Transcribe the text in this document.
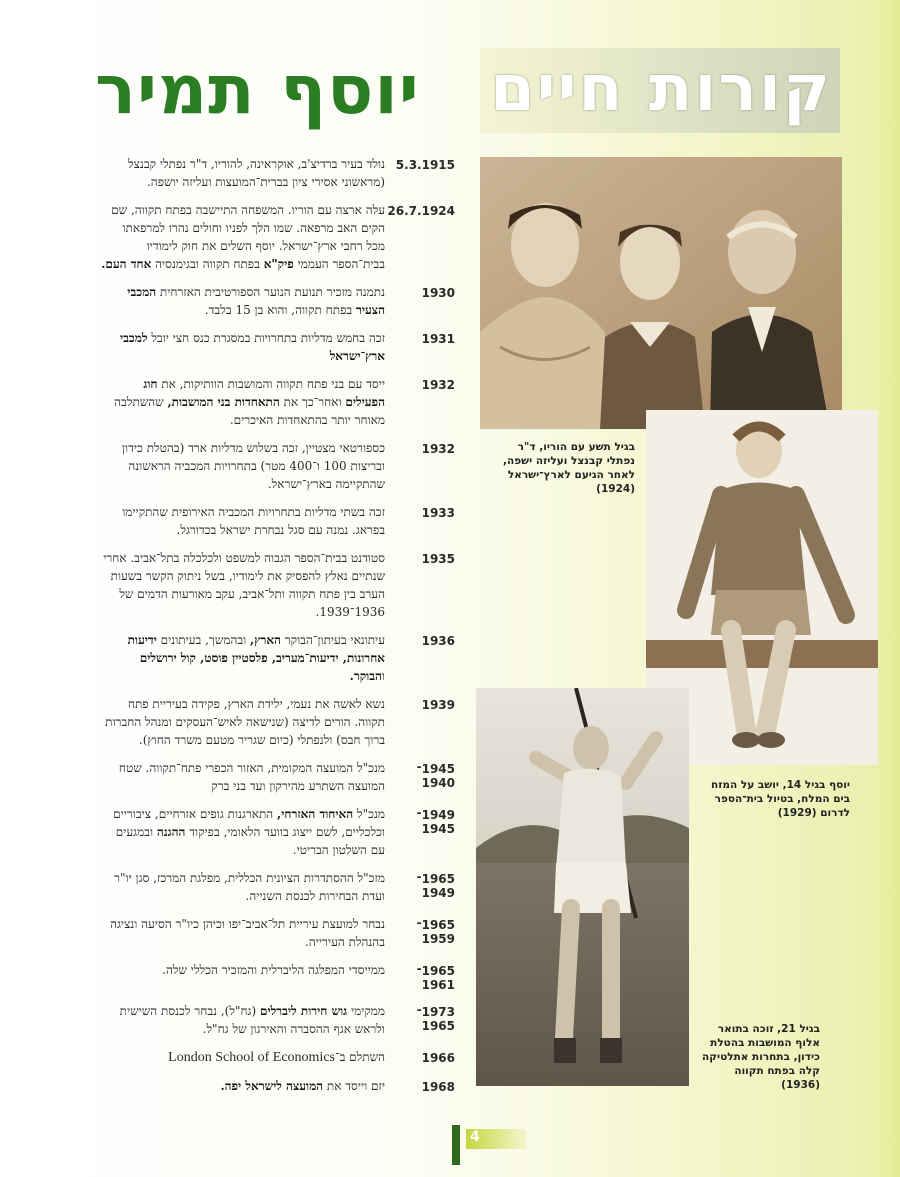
קורות חיים
יוסף תמיר
5.3.1915
נולד בעיר ברדיצ'ב, אוקראינה, להוריו, ד"ר נפתלי קבנצל (מראשוני אסירי ציון בברית־המועצות ועליזה יושפה.
26.7.1924
עלה ארצה עם הוריו. המשפחה התיישבה בפתח תקווה, שם הקים האב מרפאה. שמו הלך לפניו וחולים נהרו למרפאתו מכל רחבי ארץ־ישראל. יוסף השלים את חוק לימודיו בבית־הספר העממי פיק"א בפתח תקווה ובגימנסיה אחד העם.
1930
נתמנה מזכיר תנועת הנוער הספורטיבית האזרחית המכבי הצעיר בפתח תקווה, והוא בן 15 בלבד.
1931
זכה בחמש מדליות בתחרויות במסגרת כנס חצי יובל למכבי ארץ־ישראל
1932
ייסד עם בני פתח תקווה והמושבות הוותיקות, את חוג הפעילים ואחר־כך את התאחדות בני המושבות, שהשתלבה מאוחר יותר בהתאחדות האיכרים.
1932
כספורטאי מצטיין, זכה בשלוש מדליות ארד (בהטלת כידון ובריצות 100 ו־400 מטר) בתחרויות המכביה הראשונה שהתקיימה בארץ־ישראל.
1933
זכה בשתי מדליות בתחרויות המכביה האירופית שהתקיימו בפראג. נמנה עם סגל נבחרת ישראל בכדורגל.
1935
סטודנט בבית־הספר הגבוה למשפט ולכלכלה בתל־אביב. אחרי שנתיים נאלץ להפסיק את לימודיו, בשל ניתוק הקשר בשעות הערב בין פתח תקווה ותל־אביב, עקב מאורעות הדמים של 1936־1939.
1936
עיתונאי בעיתון־הבוקר הארץ, ובהמשך, בעיתונים ידיעות אחרונות, ידיעות־מעריב, פלסטיין פוסט, קול ירושלים והבוקר.
1939
נשא לאשה את נעמי, ילידת הארץ, פקידה בעיריית פתח תקווה. הורים לדיצה (שנישאה לאיש־העסקים ומנהל החברות ברוך חבס) ולנפתלי (כיום שגריר מטעם משרד החוץ).
1945־1940
מנכ"ל המועצה המקומית, האזור הכפרי פתח־תקווה. שטח המועצה השתרע מהירקון ועד בני ברק
1949־1945
מנכ"ל האיחוד האזרחי, התארגנות גופים אזרחיים, ציבוריים וכלכליים, לשם ייצוג בוועד הלאומי, בפיקוד ההגנה ובמגעים עם השלטון הבריטי.
1965־1949
מזכ"ל ההסתדרות הציונית הכללית, מפלגת המרכז, סגן יו"ר ועדת הבחירות לכנסת השנייה.
1965־1959
נבחר למועצת עיריית תל־אביב־יפו וכיהן כיו"ר הסיעה ונציגה בהנהלת העירייה.
1965־1961
ממייסדי המפלגה הליברלית והמזכיר הכללי שלה.
1973־1965
ממקימי גוש חירות ליברלים (גח"ל), נבחר לכנסת השישית ולראש אגף ההסברה והאירגון של גח"ל.
1966
השתלם ב־London School of Economics
1968
יזם וייסד את המועצה לישראל יפה.
בגיל תשע עם הוריו, ד"ר נפתלי קבנצל ועליזה ישפה, לאחר הגיעם לארץ־ישראל (1924)
יוסף בגיל 14, יושב על המזח בים המלח, בטיול בית־הספר לדרום (1929)
בגיל 21, זוכה בתואר אלוף המושבות בהטלת כידון, בתחרות אתלטיקה קלה בפתח תקווה (1936)
4
